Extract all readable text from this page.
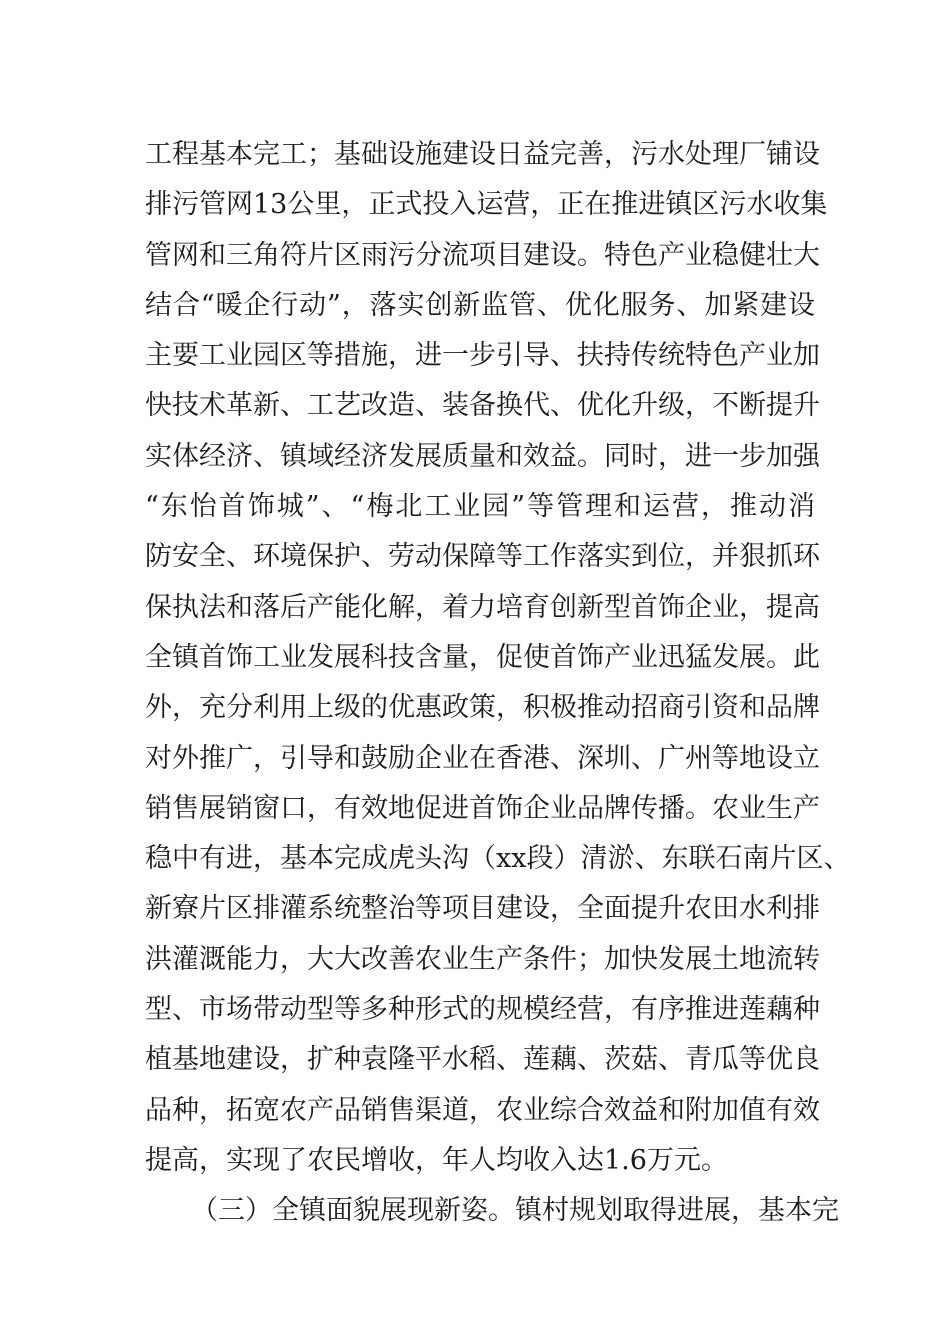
工程基本完工；基础设施建设日益完善，污水处理厂铺设
排污管网13公里，正式投入运营，正在推进镇区污水收集
管网和三角符片区雨污分流项目建设。特色产业稳健壮大
结合“暖企行动”，落实创新监管、优化服务、加紧建设
主要工业园区等措施，进一步引导、扶持传统特色产业加
快技术革新、工艺改造、装备换代、优化升级，不断提升
实体经济、镇域经济发展质量和效益。同时，进一步加强
“东怡首饰城”、“梅北工业园”等管理和运营，推动消
防安全、环境保护、劳动保障等工作落实到位，并狠抓环
保执法和落后产能化解，着力培育创新型首饰企业，提高
全镇首饰工业发展科技含量，促使首饰产业迅猛发展。此
外，充分利用上级的优惠政策，积极推动招商引资和品牌
对外推广，引导和鼓励企业在香港、深圳、广州等地设立
销售展销窗口，有效地促进首饰企业品牌传播。农业生产
稳中有进，基本完成虎头沟（xx段）清淤、东联石南片区、
新寮片区排灌系统整治等项目建设，全面提升农田水利排
洪灌溉能力，大大改善农业生产条件；加快发展土地流转
型、市场带动型等多种形式的规模经营，有序推进莲藕种
植基地建设，扩种袁隆平水稻、莲藕、茨菇、青瓜等优良
品种，拓宽农产品销售渠道，农业综合效益和附加值有效
提高，实现了农民增收，年人均收入达1.6万元。
（三）全镇面貌展现新姿。镇村规划取得进展，基本完
